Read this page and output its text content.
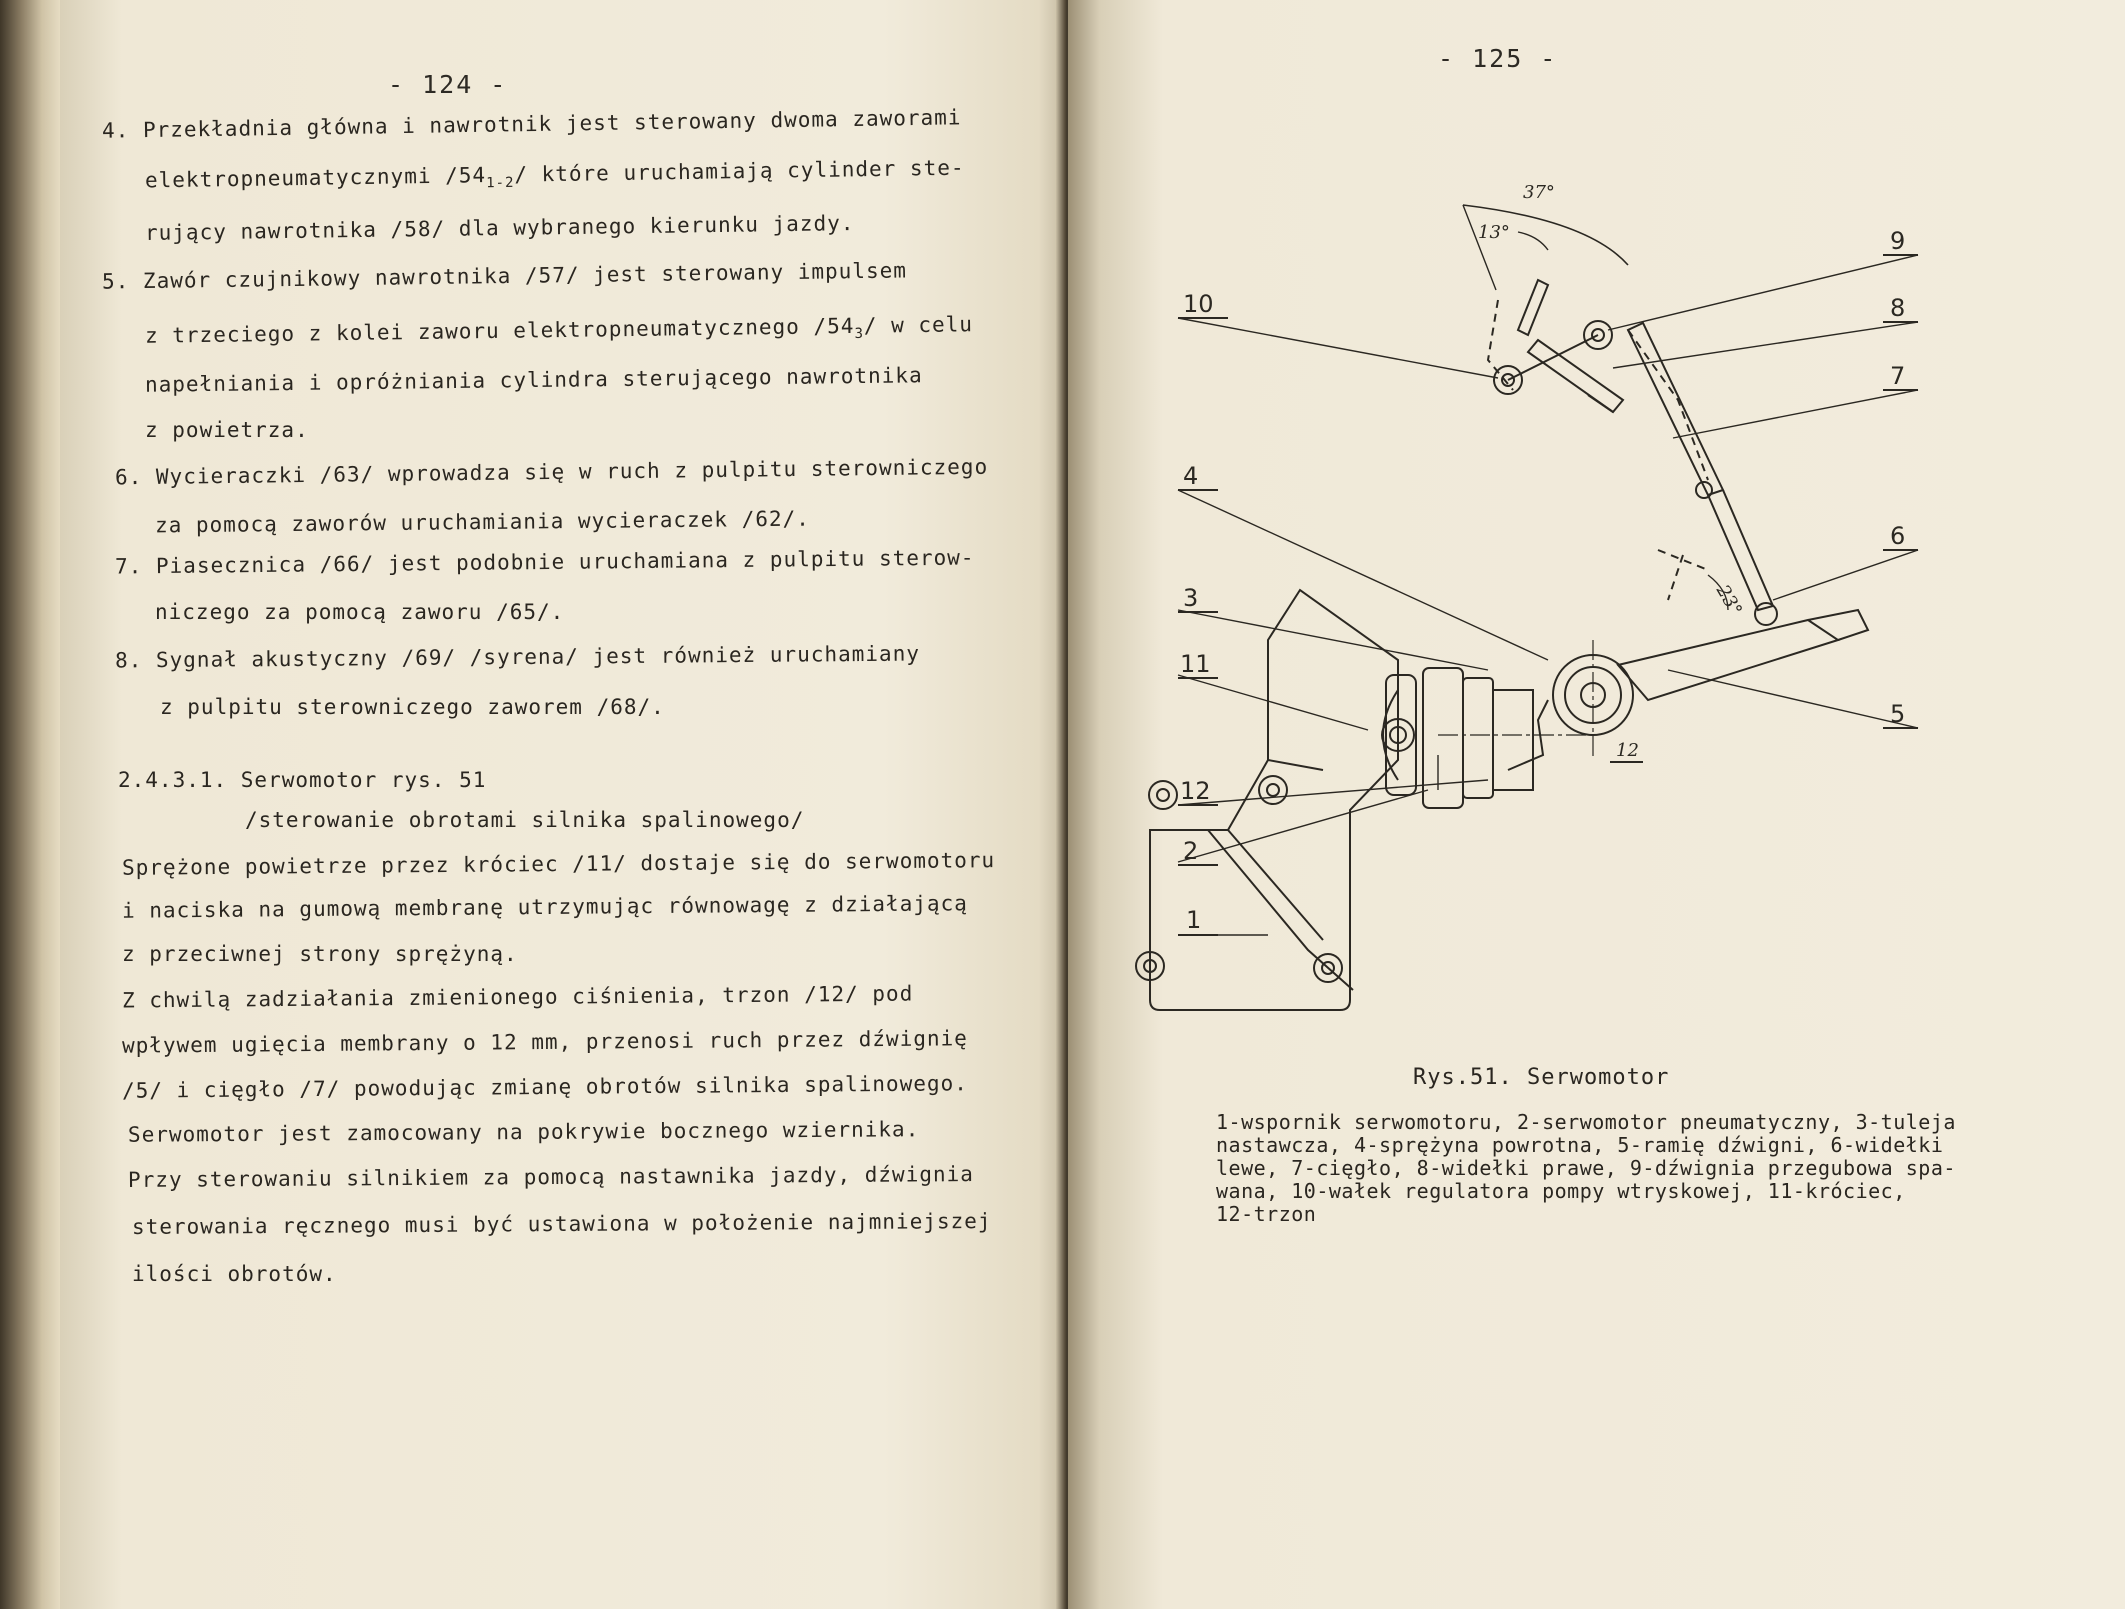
- 124 -
4. Przekładnia główna i nawrotnik jest sterowany dwoma zaworami
elektropneumatycznymi $/54_{1-2}/$ które uruchamiają cylinder ste-
rujący nawrotnika /58/ dla wybranego kierunku jazdy.
5. Zawór czujnikowy nawrotnika /57/ jest sterowany impulsem
z trzeciego z kolei zaworu elektropneumatycznego $/54_3/$ w celu
napełniania i opróżniania cylindra sterującego nawrotnika
z powietrza.
6. Wycieraczki /63/ wprowadza się w ruch z pulpitu sterowniczego
za pomocą zaworów uruchamiania wycieraczek /62/.
7. Piasecznica /66/ jest podobnie uruchamiana z pulpitu sterow-
niczego za pomocą zaworu /65/.
8. Sygnał akustyczny /69/ /syrena/ jest również uruchamiany
z pulpitu sterowniczego zaworem /68/.
2.4.3.1. Serwomotor rys. 51
/sterowanie obrotami silnika spalinowego/
Sprężone powietrze przez króciec /11/ dostaje się do serwomotoru
i naciska na gumową membranę utrzymując równowagę z działającą
z przeciwnej strony sprężyną.
Z chwilą zadziałania zmienionego ciśnienia, trzon /12/ pod
wpływem ugięcia membrany o 12 mm, przenosi ruch przez dźwignię
/5/ i cięgło /7/ powodując zmianę obrotów silnika spalinowego.
Serwomotor jest zamocowany na pokrywie bocznego wziernika.
Przy sterowaniu silnikiem za pomocą nastawnika jazdy, dźwignia
sterowania ręcznego musi być ustawiona w położenie najmniejszej
ilości obrotów.
- 125 -
10
4
3
11
12
2
1
9
8
7
6
5
37°
13°
23°
12
Rys.51. Serwomotor
1-wspornik serwomotoru, 2-serwomotor pneumatyczny, 3-tuleja
nastawcza, 4-sprężyna powrotna, 5-ramię dźwigni, 6-widełki
lewe, 7-cięgło, 8-widełki prawe, 9-dźwignia przegubowa spa-
wana, 10-wałek regulatora pompy wtryskowej, 11-króciec,
12-trzon
